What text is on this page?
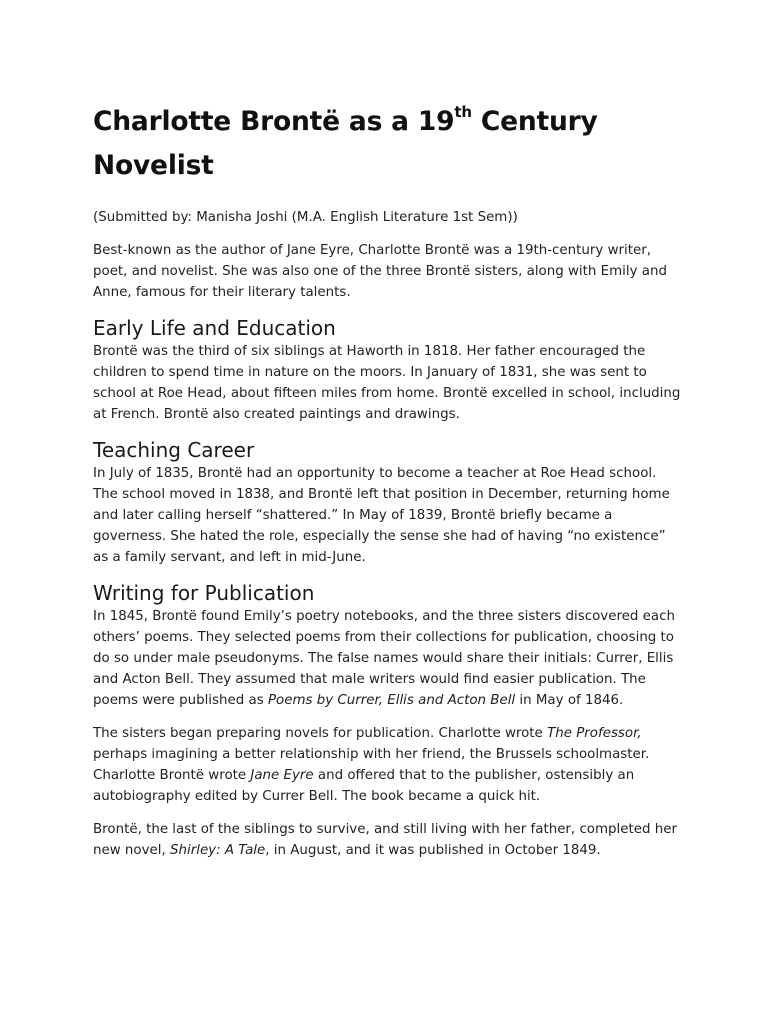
Charlotte Brontë as a 19th Century Novelist

(Submitted by: Manisha Joshi (M.A. English Literature 1st Sem))

Best-known as the author of Jane Eyre, Charlotte Brontë was a 19th-century writer, poet, and novelist. She was also one of the three Brontë sisters, along with Emily and Anne, famous for their literary talents.

Early Life and Education

Brontë was the third of six siblings at Haworth in 1818. Her father encouraged the children to spend time in nature on the moors. In January of 1831, she was sent to school at Roe Head, about fifteen miles from home. Brontë excelled in school, including at French. Brontë also created paintings and drawings.

Teaching Career

In July of 1835, Brontë had an opportunity to become a teacher at Roe Head school. The school moved in 1838, and Brontë left that position in December, returning home and later calling herself “shattered.” In May of 1839, Brontë briefly became a governess. She hated the role, especially the sense she had of having “no existence” as a family servant, and left in mid-June.

Writing for Publication

In 1845, Brontë found Emily’s poetry notebooks, and the three sisters discovered each others’ poems. They selected poems from their collections for publication, choosing to do so under male pseudonyms. The false names would share their initials: Currer, Ellis and Acton Bell. They assumed that male writers would find easier publication. The poems were published as Poems by Currer, Ellis and Acton Bell in May of 1846.

The sisters began preparing novels for publication. Charlotte wrote The Professor, perhaps imagining a better relationship with her friend, the Brussels schoolmaster. Charlotte Brontë wrote Jane Eyre and offered that to the publisher, ostensibly an autobiography edited by Currer Bell. The book became a quick hit.

Brontë, the last of the siblings to survive, and still living with her father, completed her new novel, Shirley: A Tale, in August, and it was published in October 1849.
